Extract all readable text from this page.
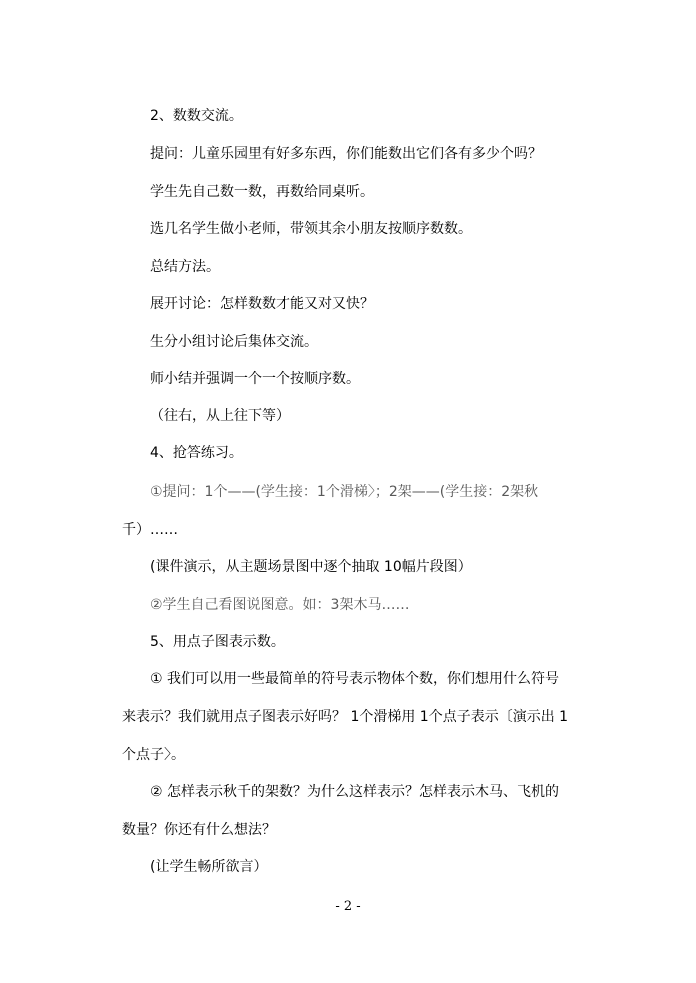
2、数数交流。
提问：儿童乐园里有好多东西，你们能数出它们各有多少个吗？
学生先自己数一数，再数给同桌听。
选几名学生做小老师，带领其余小朋友按顺序数数。
总结方法。
展开讨论：怎样数数才能又对又快？
生分小组讨论后集体交流。
师小结并强调一个一个按顺序数。
（往右，从上往下等）
4、抢答练习。
①提问：1个——(学生接：1个滑梯〉；2架——(学生接：2架秋
千）……
(课件演示，从主题场景图中逐个抽取 10幅片段图）
②学生自己看图说图意。如：3架木马……
5、用点子图表示数。
① 我们可以用一些最简单的符号表示物体个数，你们想用什么符号
来表示？我们就用点子图表示好吗？ 1个滑梯用 1个点子表示〔演示出 1
个点子〉。
② 怎样表示秋千的架数？为什么这样表示？怎样表示木马、飞机的
数量？你还有什么想法？
(让学生畅所欲言）
- 2 -
